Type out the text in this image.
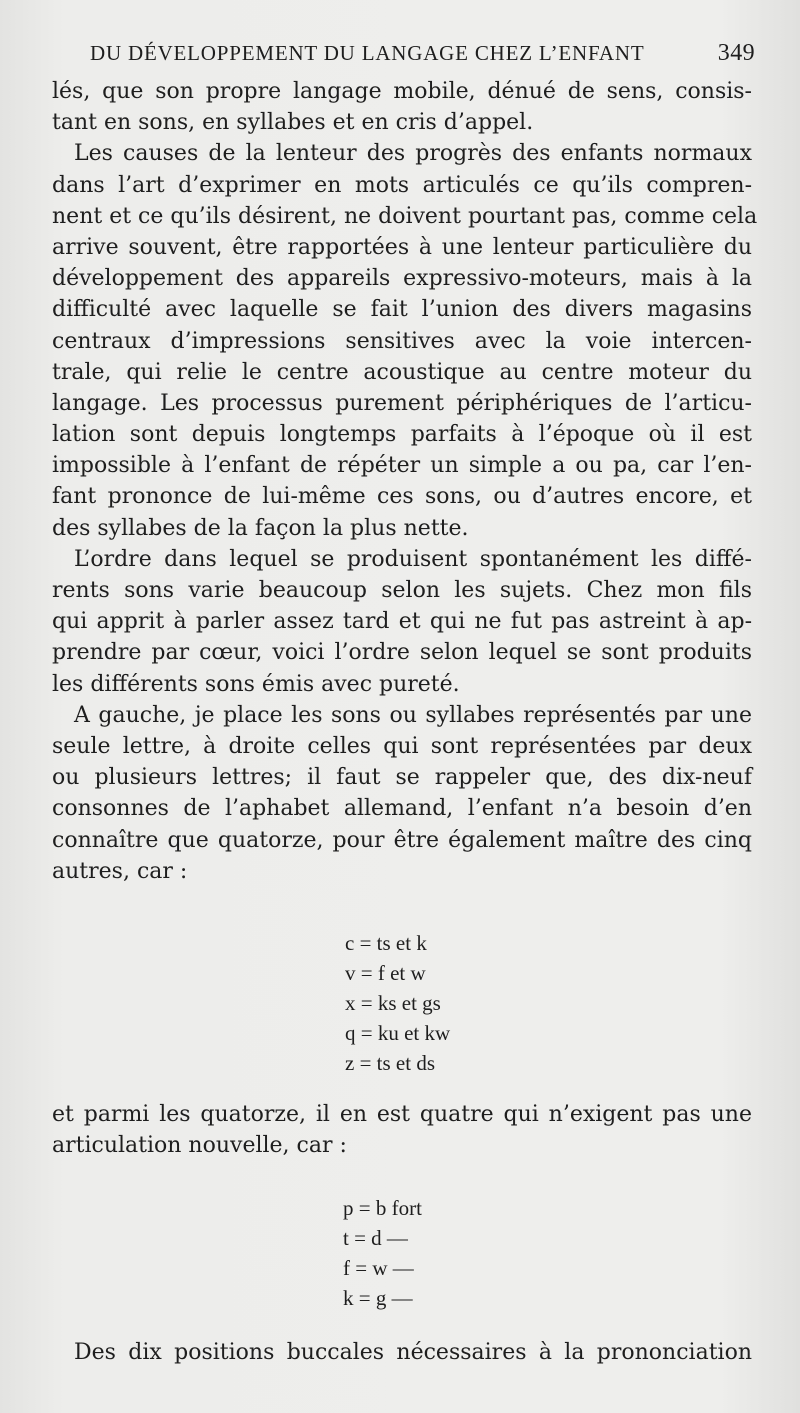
DU DÉVELOPPEMENT DU LANGAGE CHEZ L’ENFANT	349
lés, que son propre langage mobile, dénué de sens, consis-
tant en sons, en syllabes et en cris d’appel.
Les causes de la lenteur des progrès des enfants normaux
dans l’art d’exprimer en mots articulés ce qu’ils compren-
nent et ce qu’ils désirent, ne doivent pourtant pas, comme cela
arrive souvent, être rapportées à une lenteur particulière du
développement des appareils expressivo-moteurs, mais à la
difficulté avec laquelle se fait l’union des divers magasins
centraux d’impressions sensitives avec la voie intercen-
trale, qui relie le centre acoustique au centre moteur du
langage. Les processus purement périphériques de l’articu-
lation sont depuis longtemps parfaits à l’époque où il est
impossible à l’enfant de répéter un simple a ou pa, car l’en-
fant prononce de lui-même ces sons, ou d’autres encore, et
des syllabes de la façon la plus nette.
L’ordre dans lequel se produisent spontanément les diffé-
rents sons varie beaucoup selon les sujets. Chez mon fils
qui apprit à parler assez tard et qui ne fut pas astreint à ap-
prendre par cœur, voici l’ordre selon lequel se sont produits
les différents sons émis avec pureté.
A gauche, je place les sons ou syllabes représentés par une
seule lettre, à droite celles qui sont représentées par deux
ou plusieurs lettres; il faut se rappeler que, des dix-neuf
consonnes de l’aphabet allemand, l’enfant n’a besoin d’en
connaître que quatorze, pour être également maître des cinq
autres, car :
c = ts et k
v = f et w
x = ks et gs
q = ku et kw
z = ts et ds
et parmi les quatorze, il en est quatre qui n’exigent pas une
articulation nouvelle, car :
p = b fort
t = d —
f = w —
k = g —
Des dix positions buccales nécessaires à la prononciation
